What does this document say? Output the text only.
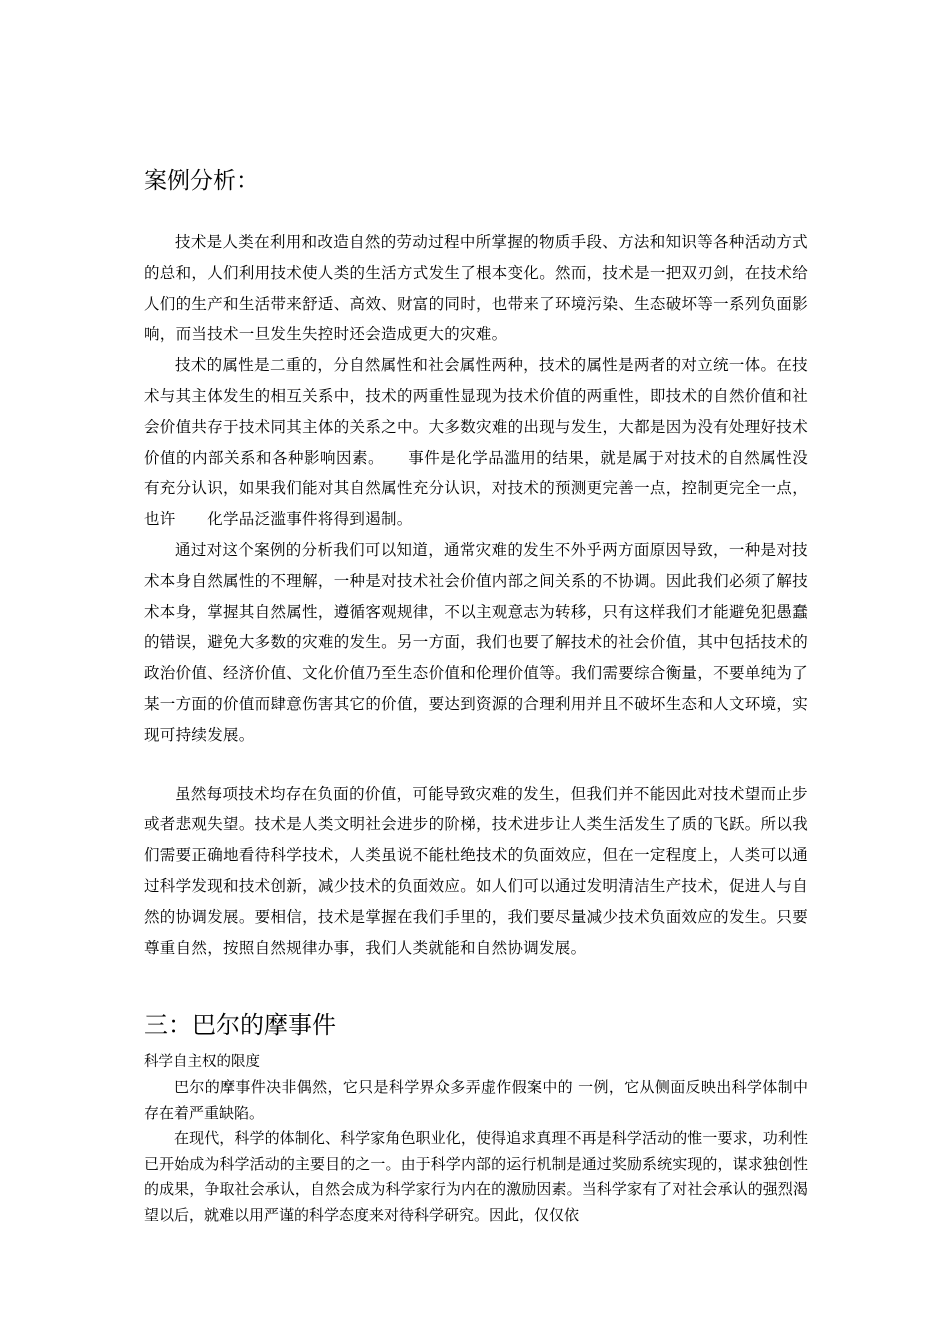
案例分析：

技术是人类在利用和改造自然的劳动过程中所掌握的物质手段、方法和知识等各种活动方式的总和，人们利用技术使人类的生活方式发生了根本变化。然而，技术是一把双刃剑，在技术给人们的生产和生活带来舒适、高效、财富的同时，也带来了环境污染、生态破坏等一系列负面影响，而当技术一旦发生失控时还会造成更大的灾难。

技术的属性是二重的，分自然属性和社会属性两种，技术的属性是两者的对立统一体。在技术与其主体发生的相互关系中，技术的两重性显现为技术价值的两重性，即技术的自然价值和社会价值共存于技术同其主体的关系之中。大多数灾难的出现与发生，大都是因为没有处理好技术价值的内部关系和各种影响因素。　　事件是化学品滥用的结果，就是属于对技术的自然属性没有充分认识，如果我们能对其自然属性充分认识，对技术的预测更完善一点，控制更完全一点，也许　　化学品泛滥事件将得到遏制。

通过对这个案例的分析我们可以知道，通常灾难的发生不外乎两方面原因导致，一种是对技术本身自然属性的不理解，一种是对技术社会价值内部之间关系的不协调。因此我们必须了解技术本身，掌握其自然属性，遵循客观规律，不以主观意志为转移，只有这样我们才能避免犯愚蠢的错误，避免大多数的灾难的发生。另一方面，我们也要了解技术的社会价值，其中包括技术的政治价值、经济价值、文化价值乃至生态价值和伦理价值等。我们需要综合衡量，不要单纯为了某一方面的价值而肆意伤害其它的价值，要达到资源的合理利用并且不破坏生态和人文环境，实现可持续发展。

虽然每项技术均存在负面的价值，可能导致灾难的发生，但我们并不能因此对技术望而止步或者悲观失望。技术是人类文明社会进步的阶梯，技术进步让人类生活发生了质的飞跃。所以我们需要正确地看待科学技术，人类虽说不能杜绝技术的负面效应，但在一定程度上，人类可以通过科学发现和技术创新，减少技术的负面效应。如人们可以通过发明清洁生产技术，促进人与自然的协调发展。要相信，技术是掌握在我们手里的，我们要尽量减少技术负面效应的发生。只要尊重自然，按照自然规律办事，我们人类就能和自然协调发展。

三：巴尔的摩事件

科学自主权的限度

巴尔的摩事件决非偶然，它只是科学界众多弄虚作假案中的 一例，它从侧面反映出科学体制中存在着严重缺陷。

在现代，科学的体制化、科学家角色职业化，使得追求真理不再是科学活动的惟一要求，功利性已开始成为科学活动的主要目的之一。由于科学内部的运行机制是通过奖励系统实现的，谋求独创性的成果，争取社会承认，自然会成为科学家行为内在的激励因素。当科学家有了对社会承认的强烈渴望以后，就难以用严谨的科学态度来对待科学研究。因此，仅仅依
